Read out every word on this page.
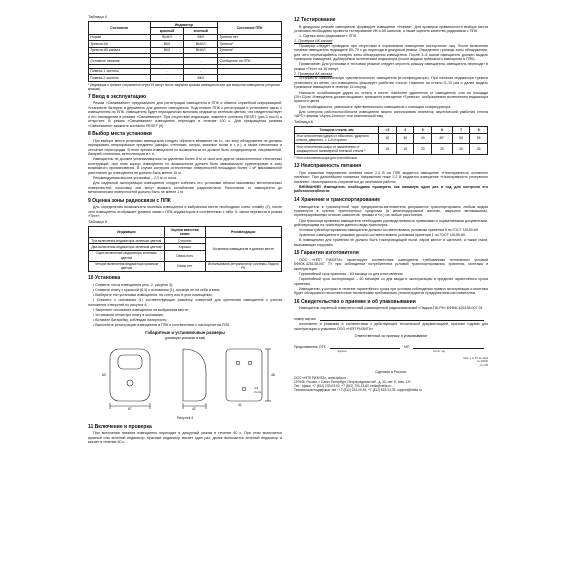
Таблица 4
Состояние	Индикатор		Состояние ППК
	красный	зеленый	
Норма	ВЫКЛ	ВКЛ	Тревоги нет
Тревога АК	ВКЛ	ВЫКЛ	Тревога*
Тревога ИК канала	ВКЛ	ВЫКЛ	Тревога*

Основное питание	-	-	Сообщение на ППК

Помеха 1 частоты	-	-	
Помеха 2 частоты	-	ВКЛ	
* Индикация о тревоге сохраняется через 15 минут после закрытия крышки извещателя или при вскрытии извещателя (открытии крышки).
7 Ввод в эксплуатацию
Режим «Свежевание» предназначен для регистрации извещателя в ППК и обмена служебной информацией. Установите батарею в держатель для данного извещателя. Подготовьте ППК к регистрации и установите связь с извещателем по ППК. Извещатель будет периодически включать индикатор зеленым цветом, что свидетельствует о его нахождении в режиме «Свежевание». При отсутствии индикации, замените контакты RESET (рис.3 поз.9) и отпустите. В режим «Свежевание» извещатель переходит в течение 100 с. Для прекращения режима «Свежевания» замкните контакты RESET (9).
8 Выбор места установки
При выборе места установки извещателя следует обратить внимание на то, что зону обнаружения не должны перекрывать непрозрачные предметы (шкафы, стеллажи, шторы, книжные полки и т. п.), а также стеклянные и сетчатые перегородки. В поле зрения извещателя по возможности не должно быть кондиционеров, нагревателей, батарей отопления, вентиляторов и т. п.
Извещатель не должен устанавливаться на удалении более 6 м от окон или других незаполненных стеклянных конструкций, при этом корпус извещателя по возможности должен быть максимально ориентирован в зону возможного проникновения. В случае контроля остекленных поверхностей площадью более 1 м² максимальное расстояние до извещателя не должно быть менее 10 м.
Рекомендуемая высота установки – 2,3 м от пола.
Для надежной эксплуатации извещателя следует избегать его установки вблизи массивных металлических поверхностей, поскольку они могут вызвать ослабление радиосигнала. Расстояние от извещателя до металлических поверхностей должно быть не менее 1 м.
9 Оценка зоны радиосвязи с ППК
Для определения возможности монтажа извещателя в выбранном месте необходимо снять пломбу (2), после чего извещатель отображает уровень связи с ППК индикатором в соответствии с табл. 5, затем перевести в режим «Тест».
Таблица 5
Индикация	Оценка качества связи	Рекомендации
Три включения индикатора зеленым цветом	Отлично	Установка извещателя в данном месте
Два включения индикатора зеленым цветом	Хорошо	
Одно включение индикатора зеленым цветом	Связь есть	
Четыре включения индикатора красным цветом	Связи нет	Использовать ретранслятор системы Ладога РК
10 Установка
• Снимите лоток извещателя (поз. 2, рисунок 3);
• Снимите плату с крышкой (6.3) с основания (1), потянув ее на себя и вниз;
• Выберите тип установки извещателя: на стену или в угол помещения;
• Снимите с основания (1) соответствующие разметку отверстий для крепления извещателя с учетом положения отверстий по рисунок 4;
• Закрепите основание извещателя на выбранном месте;
• Установите печатную плату в основание;
• Вставьте батарейку, соблюдая полярность;
• Выполните регистрацию извещателя в ППК в соответствии с паспортом на ППК.
Габаритные и установочные размеры
(размеры указаны в мм)
67	42
60
41
48
4,5
2 отв.
Рисунок 4
11 Включение и проверка
При включении питания извещатель переходит в дежурный режим в течение 60 с. При этом включается красный или зеленый индикатор. Красный индикатор мигает один раз, далее включается зеленый индикатор и мигает в течение 60 с.
12 Тестирование
В дежурном режиме извещатель формирует извещение «Норма». Для проверки правильности выбора места установки необходимо провести тестирование ИК и АК каналов, а также оценить качество радиосвязи с ППК.
1. Оценка зоны радиосвязи с ППК.
1. Проверка ИК канала
Проверку следует проводить при отсутствии в охраняемом помещении посторонних лиц. После включения питания извещателя подождите 60–70 с до перехода в дежурный режим. Определите границы зоны обнаружения, для чего перемещайтесь поперек зоны обнаружения извещателя. После 3–5 шагов извещатель должен выдать тревожное извещение, дублируемое включением индикатора (после выдачи тревожного извещения в ППК).
Примечание: Для установки в тестовом режиме следует опустить крышку извещателя, извещатель переходит в режим «Тест» на 15 минут.
2. Проверка АК канала
Установите максимальную чувствительность извещателя (в конфигураторе). При наличии индикатора тревоги установите из меню, что извещатель фиксирует разбитие стекла. Нажмите на стекло 5–10 раз и далее выдать тревожное извещение в течение 15 секунд.
Наносите ослабляющие удары по стеклу в месте, наиболее удаленном от извещателя, или на площади (20×11)см. Извещатель должен выдавать тревожное извещение «Тревога», отображаемое включением индикатора красного цвета.
При необходимости, уменьшите чувствительность извещателя с помощью конфигуратора.
Для контроля работоспособности извещателя можно использовать имитатор акустический разбития стекла «АРС» фирмы «Аргус-Спектр» или аналогичный ему.
Таблица 6
Толщина стекла, мм	<3	4	5	6	7	8
Угол отклонения удара от обычного, ударного стекла, дверного, с 1-й стороны	30	35	40	45°	50	55
Угол отклонения шара от закаленного и защищенного полимерной пленкой стекла *	15	15	20	25	30	35
* Угол отклонения шара для стеклоблоков
13 Неисправность питания
При снижении напряжения питания ниже 2,4 В на ППК выдается извещение «Неисправность основного питания». При дальнейшем снижении напряжения ниже 2,2 В выдается извещение «Неисправность резервного питания». Неисправность сохраняется до окончания работы.
ВНИМАНИЕ! Извещатель необходимо проверять как минимум один раз в год для контроля его работоспособности.
14 Хранение и транспортирование
Извещатель в транспортной таре предприятия-изготовителя допускается транспортировать любым видом транспорта в крытых транспортных средствах (в железнодорожных вагонах, закрытых автомашинах, герметизированных отсеках самолетов, трюмах и т.п.) на любые расстояния.
При транспортировании извещатели необходимо руководствоваться правилами и нормативными документами, действующими на транспорте данного вида транспорта.
Условия транспортирования извещателя должны соответствовать условиям хранения 5 по ГОСТ 15150-69.
Хранение извещателя в упаковке должно соответствовать условиям хранения 1 по ГОСТ 15150-69.
В помещениях для хранения не должно быть токопроводящей пыли, паров кислот и щелочей, а также газов, вызывающих коррозию.
15 Гарантии изготовителя
ООО «НПП РИЗИТА» гарантирует соответствие извещателя требованиям технических условий БФЮК.425138.007 ТУ при соблюдении потребителем условий транспортирования, хранения, монтажа и эксплуатации.
Гарантийный срок хранения – 63 месяца со дня изготовления.
Гарантийный срок эксплуатации – 60 месяцев со дня ввода в эксплуатацию в пределах гарантийного срока хранения.
Извещатели, у которых в течение гарантийного срока при условии соблюдения правил эксплуатации и монтажа будет обнаружено несоответствие техническим требованиям, ремонтируются предприятием-изготовителем.
16 Свидетельство о приемке и об упаковывании
Извещатель охранный поверхностный совмещенный радиоканальный «Ладога-ПБ-РК» БФЮК.425138.007-01
номер партии
изготовлен и упакован в соответствии с действующей технической документацией, признан годным для эксплуатации и упакован ООО «НПП РИЗИТА».
Ответственный за приемку и упаковывание
Представитель ОТК	МП
подпись	число, год
Изм. 1 от 07.11.2022
№ 00000
стр 2/8
Сделано в России.
ООО «НПП РИЗИТА», www.rielta.ru
197046, Россия, г. Санкт-Петербург, Петроградская наб., д. 34, лит. Б, пом. 1-Н
Тел.: (факс: +7 (812) 233-03-02, +7 (812) 703-13-60, rielta@rielta.ru
Техническая поддержка: тел.: +7 (812) 233-29-53, +7 (812) 615-13-33, support@rielta.ru
